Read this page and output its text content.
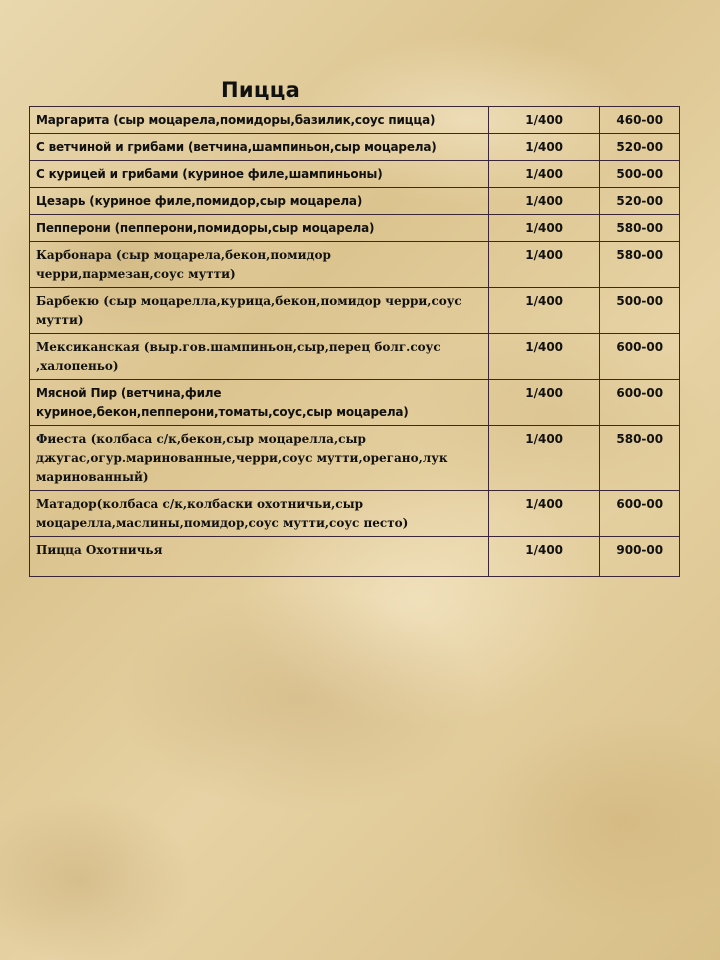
Пицца
Маргарита (сыр моцарела,помидоры,базилик,соус пицца)	1/400	460-00
С ветчиной и грибами (ветчина,шампиньон,сыр моцарела)	1/400	520-00
С курицей и грибами (куриное филе,шампиньоны)	1/400	500-00
Цезарь (куриное филе,помидор,сыр моцарела)	1/400	520-00
Пепперони (пепперони,помидоры,сыр моцарела)	1/400	580-00
Карбонара (сыр моцарела,бекон,помидор черри,пармезан,соус мутти)	1/400	580-00
Барбекю (сыр моцарелла,курица,бекон,помидор черри,соус мутти)	1/400	500-00
Мексиканская (выр.гов.шампиньон,сыр,перец болг.соус ,халопеньо)	1/400	600-00
Мясной Пир (ветчина,филе куриное,бекон,пепперони,томаты,соус,сыр моцарела)	1/400	600-00
Фиеста (колбаса с/к,бекон,сыр моцарелла,сыр джугас,огур.маринованные,черри,соус мутти,орегано,лук маринованный)	1/400	580-00
Матадор(колбаса с/к,колбаски охотничьи,сыр моцарелла,маслины,помидор,соус мутти,соус песто)	1/400	600-00
Пицца Охотничья	1/400	900-00
